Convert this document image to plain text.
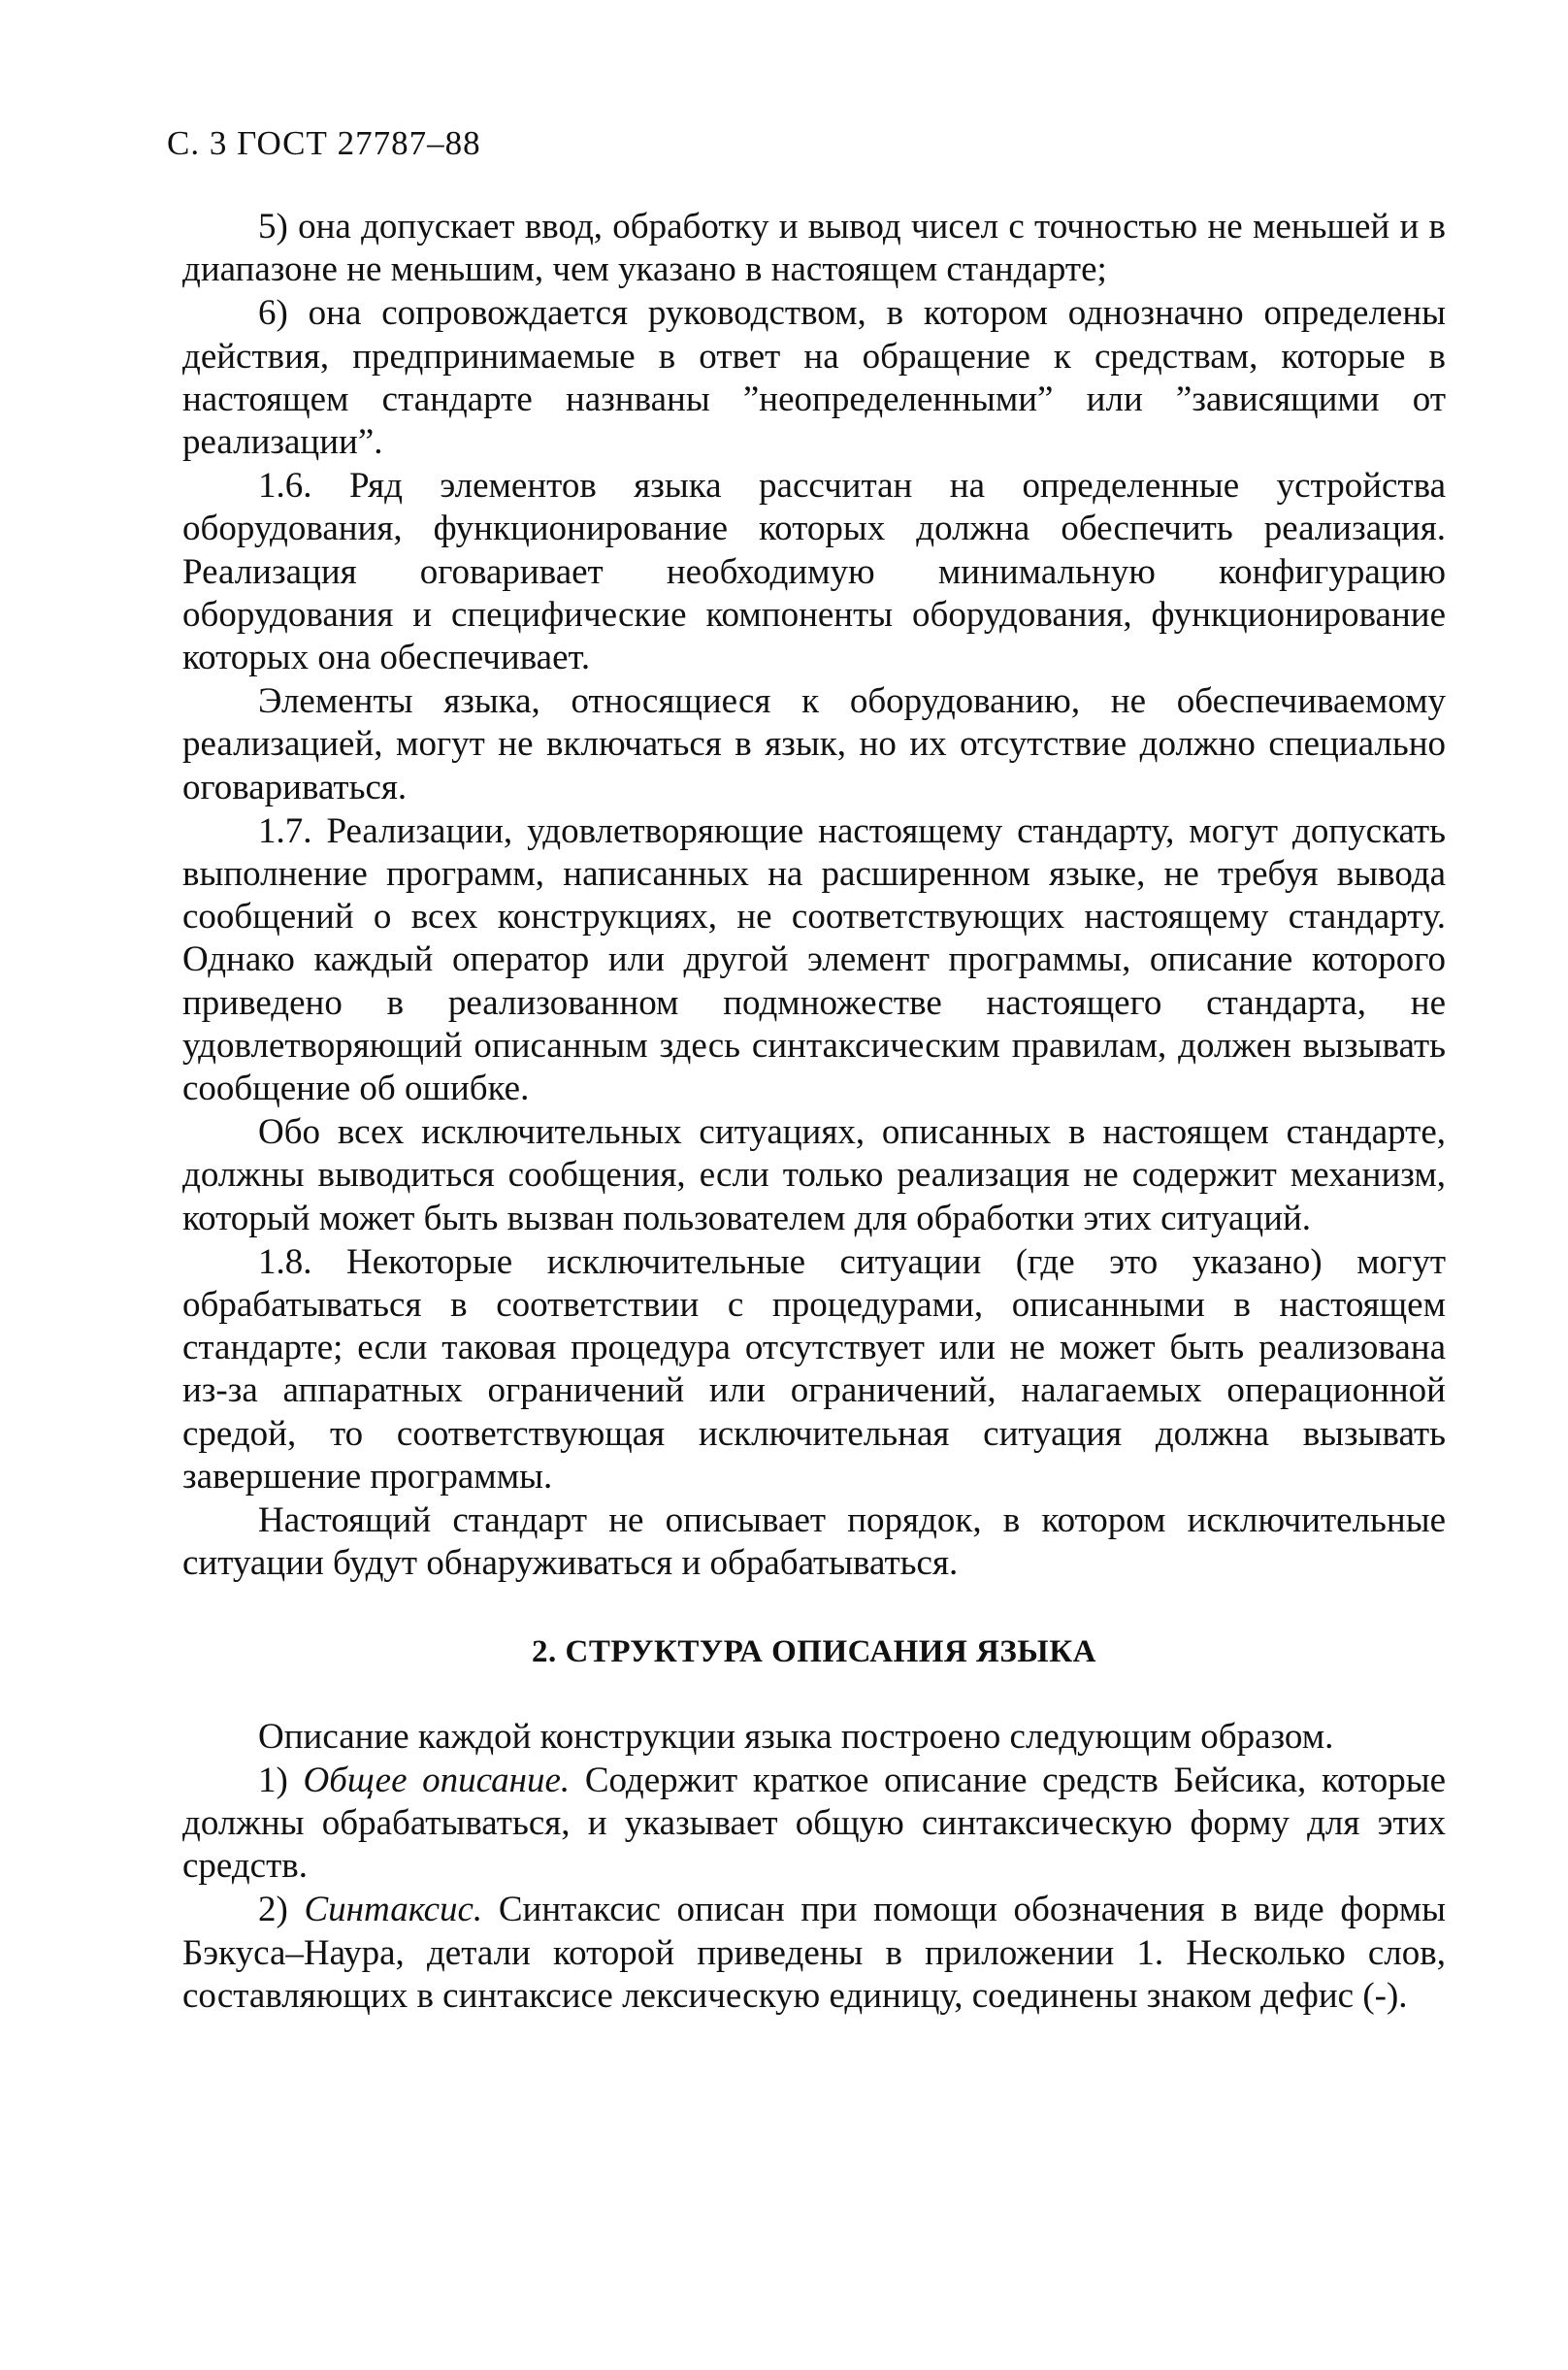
С. 3 ГОСТ 27787–88

5) она допускает ввод, обработку и вывод чисел с точностью не меньшей и в диапазоне не меньшим, чем указано в настоящем стандарте;

6) она сопровождается руководством, в котором однозначно определены действия, предпринимаемые в ответ на обращение к средствам, которые в настоящем стандарте назнваны ”неопределенными” или ”зависящими от реализации”.

1.6. Ряд элементов языка рассчитан на определенные устройства оборудования, функционирование которых должна обеспечить реализация. Реализация оговаривает необходимую минимальную конфигурацию оборудования и специфические компоненты оборудования, функционирование которых она обеспечивает.

Элементы языка, относящиеся к оборудованию, не обеспечиваемому реализацией, могут не включаться в язык, но их отсутствие должно специально оговариваться.

1.7. Реализации, удовлетворяющие настоящему стандарту, могут допускать выполнение программ, написанных на расширенном языке, не требуя вывода сообщений о всех конструкциях, не соответствующих настоящему стандарту. Однако каждый оператор или другой элемент программы, описание которого приведено в реализованном подмножестве настоящего стандарта, не удовлетворяющий описанным здесь синтаксическим правилам, должен вызывать сообщение об ошибке.

Обо всех исключительных ситуациях, описанных в настоящем стандарте, должны выводиться сообщения, если только реализация не содержит механизм, который может быть вызван пользователем для обработки этих ситуаций.

1.8. Некоторые исключительные ситуации (где это указано) могут обрабатываться в соответствии с процедурами, описанными в настоящем стандарте; если таковая процедура отсутствует или не может быть реализована из-за аппаратных ограничений или ограничений, налагаемых операционной средой, то соответствующая исключительная ситуация должна вызывать завершение программы.

Настоящий стандарт не описывает порядок, в котором исключительные ситуации будут обнаруживаться и обрабатываться.

2. СТРУКТУРА ОПИСАНИЯ ЯЗЫКА

Описание каждой конструкции языка построено следующим образом.

1) Общее описание. Содержит краткое описание средств Бейсика, которые должны обрабатываться, и указывает общую синтаксическую форму для этих средств.

2) Синтаксис. Синтаксис описан при помощи обозначения в виде формы Бэкуса–Наура, детали которой приведены в приложении 1. Несколько слов, составляющих в синтаксисе лексическую единицу, соединены знаком дефис (-).
